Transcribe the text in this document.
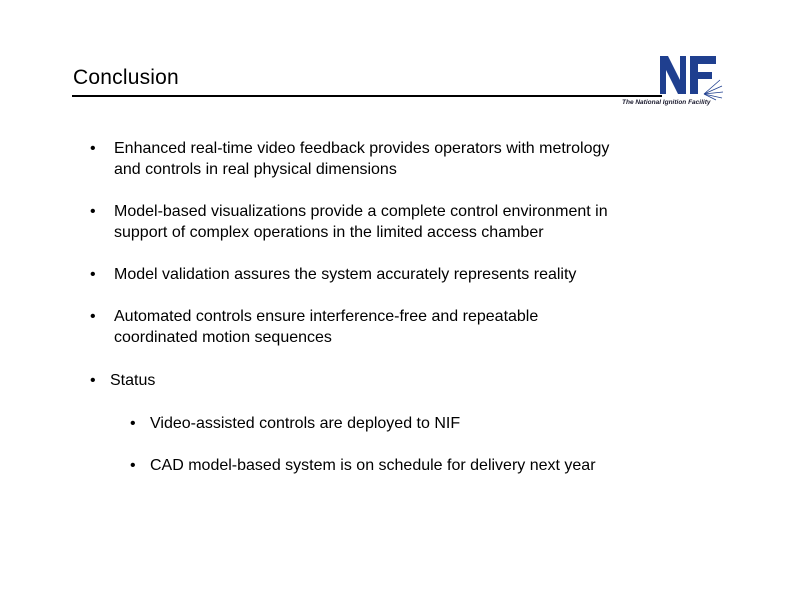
Conclusion
The National Ignition Facility
•	Enhanced real-time video feedback provides operators with metrology
and controls in real physical dimensions
•	Model-based visualizations provide a complete control environment in
support of complex operations in the limited access chamber
•	Model validation assures the system accurately represents reality
•	Automated controls ensure interference-free and repeatable
coordinated motion sequences
• Status
• Video-assisted controls are deployed to NIF
• CAD model-based system is on schedule for delivery next year
